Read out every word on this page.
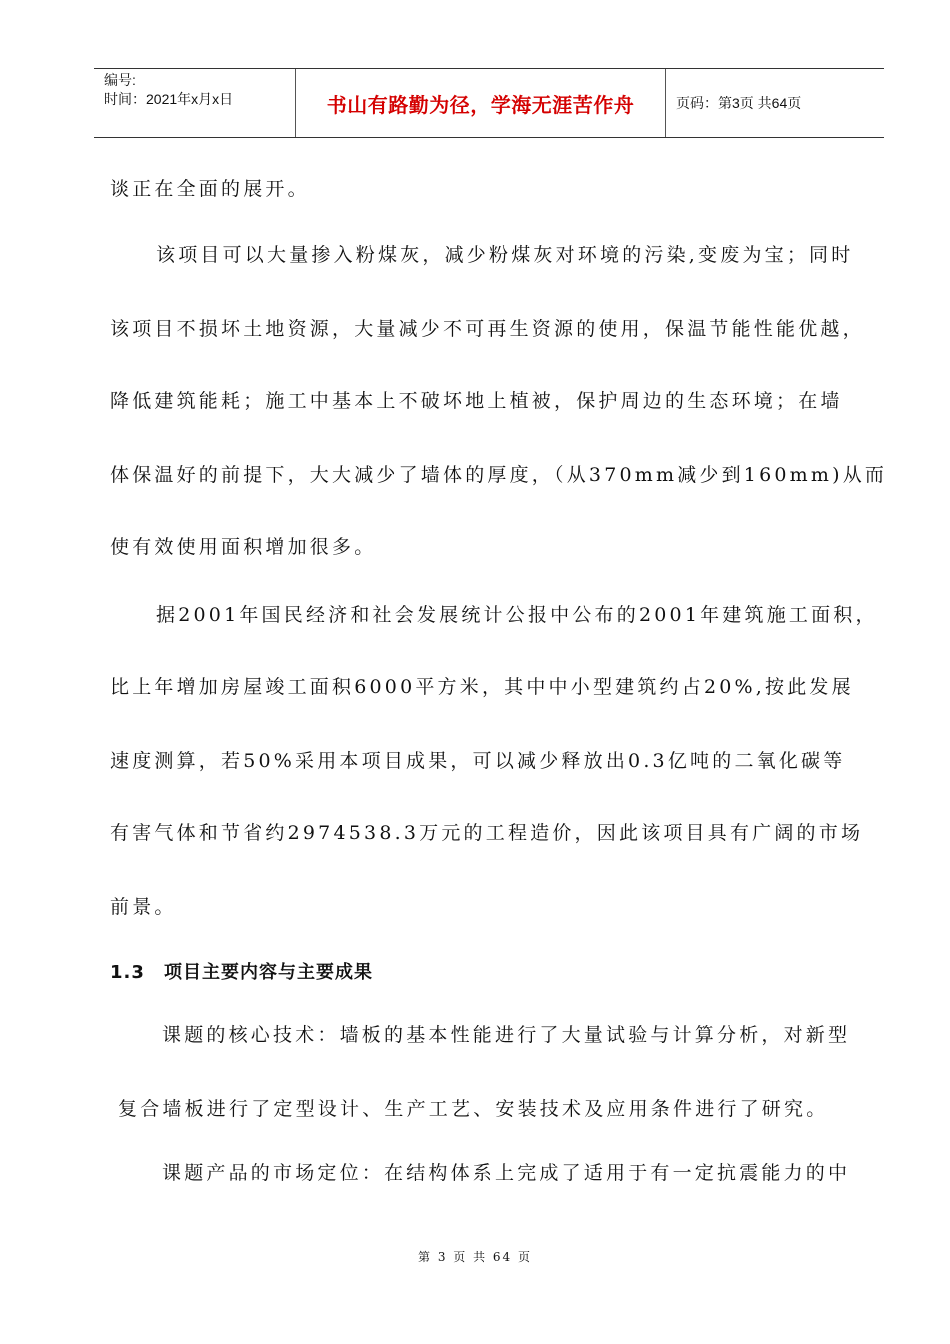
编号:
时间：2021年x月x日	书山有路勤为径，学海无涯苦作舟	页码：第3页 共64页
谈正在全面的展开。
该项目可以大量掺入粉煤灰，减少粉煤灰对环境的污染,变废为宝；同时
该项目不损坏土地资源，大量减少不可再生资源的使用，保温节能性能优越，
降低建筑能耗；施工中基本上不破坏地上植被，保护周边的生态环境；在墙
体保温好的前提下，大大减少了墙体的厚度，（从370mm减少到160mm)从而
使有效使用面积增加很多。
据2001年国民经济和社会发展统计公报中公布的2001年建筑施工面积，
比上年增加房屋竣工面积6000平方米，其中中小型建筑约占20%,按此发展
速度测算，若50%采用本项目成果，可以减少释放出0.3亿吨的二氧化碳等
有害气体和节省约2974538.3万元的工程造价，因此该项目具有广阔的市场
前景。
1.3 项目主要内容与主要成果
课题的核心技术：墙板的基本性能进行了大量试验与计算分析，对新型
复合墙板进行了定型设计、生产工艺、安装技术及应用条件进行了研究。
课题产品的市场定位：在结构体系上完成了适用于有一定抗震能力的中
第 3 页 共 64 页
